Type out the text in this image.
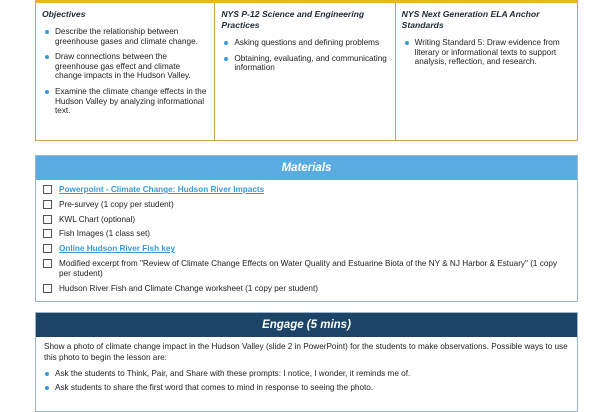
Objectives
Describe the relationship between greenhouse gases and climate change.
Draw connections between the greenhouse gas effect and climate change impacts in the Hudson Valley.
Examine the climate change effects in the Hudson Valley by analyzing informational text.
NYS P-12 Science and Engineering Practices
Asking questions and defining problems
Obtaining, evaluating, and communicating information
NYS Next Generation ELA Anchor Standards
Writing Standard 5: Draw evidence from literary or informational texts to support analysis, reflection, and research.
Materials
Powerpoint - Climate Change: Hudson River Impacts
Pre-survey (1 copy per student)
KWL Chart (optional)
Fish Images (1 class set)
Online Hudson River Fish key
Modified excerpt from "Review of Climate Change Effects on Water Quality and Estuarine Biota of the NY & NJ Harbor & Estuary" (1 copy per student)
Hudson River Fish and Climate Change worksheet (1 copy per student)
Engage (5 mins)

Show a photo of climate change impact in the Hudson Valley (slide 2 in PowerPoint) for the students to make observations. Possible ways to use this photo to begin the lesson are:

Ask the students to Think, Pair, and Share with these prompts: I notice, I wonder, it reminds me of.
Ask students to share the first word that comes to mind in response to seeing the photo.
